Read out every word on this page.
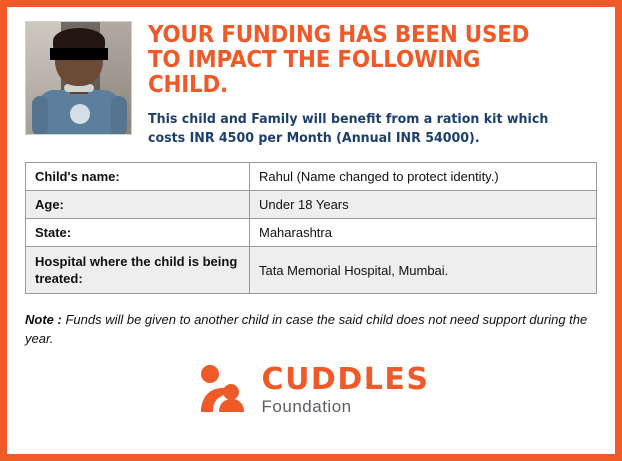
YOUR FUNDING HAS BEEN USED TO IMPACT THE FOLLOWING CHILD.

This child and Family will benefit from a ration kit which costs INR 4500 per Month (Annual INR 54000).

Child's name:	Rahul (Name changed to protect identity.)
Age:	Under 18 Years
State:	Maharashtra
Hospital where the child is being treated:	Tata Memorial Hospital, Mumbai.

Note : Funds will be given to another child in case the said child does not need support during the year.

CUDDLES
Foundation
